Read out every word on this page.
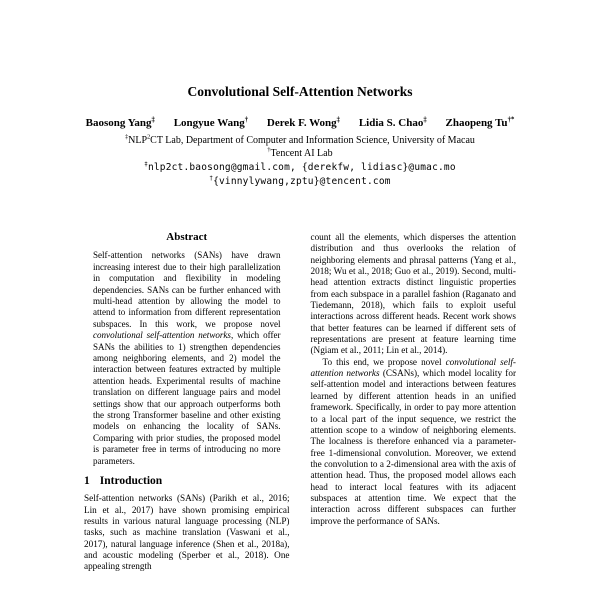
Convolutional Self-Attention Networks
Baosong Yang‡ Longyue Wang† Derek F. Wong‡ Lidia S. Chao‡ Zhaopeng Tu†*
‡NLP$^2$CT Lab, Department of Computer and Information Science, University of Macau
†Tencent AI Lab
‡nlp2ct.baosong@gmail.com, {derekfw, lidiasc}@umac.mo
†{vinnylywang,zptu}@tencent.com
Abstract

Self-attention networks (SANs) have drawn increasing interest due to their high parallelization in computation and flexibility in modeling dependencies. SANs can be further enhanced with multi-head attention by allowing the model to attend to information from different representation subspaces. In this work, we propose novel convolutional self-attention networks, which offer SANs the abilities to 1) strengthen dependencies among neighboring elements, and 2) model the interaction between features extracted by multiple attention heads. Experimental results of machine translation on different language pairs and model settings show that our approach outperforms both the strong Transformer baseline and other existing models on enhancing the locality of SANs. Comparing with prior studies, the proposed model is parameter free in terms of introducing no more parameters.

1 Introduction

Self-attention networks (SANs) (Parikh et al., 2016; Lin et al., 2017) have shown promising empirical results in various natural language processing (NLP) tasks, such as machine translation (Vaswani et al., 2017), natural language inference (Shen et al., 2018a), and acoustic modeling (Sperber et al., 2018). One appealing strength

count all the elements, which disperses the attention distribution and thus overlooks the relation of neighboring elements and phrasal patterns (Yang et al., 2018; Wu et al., 2018; Guo et al., 2019). Second, multi-head attention extracts distinct linguistic properties from each subspace in a parallel fashion (Raganato and Tiedemann, 2018), which fails to exploit useful interactions across different heads. Recent work shows that better features can be learned if different sets of representations are present at feature learning time (Ngiam et al., 2011; Lin et al., 2014).

To this end, we propose novel convolutional self-attention networks (CSANs), which model locality for self-attention model and interactions between features learned by different attention heads in an unified framework. Specifically, in order to pay more attention to a local part of the input sequence, we restrict the attention scope to a window of neighboring elements. The localness is therefore enhanced via a parameter-free 1-dimensional convolution. Moreover, we extend the convolution to a 2-dimensional area with the axis of attention head. Thus, the proposed model allows each head to interact local features with its adjacent subspaces at attention time. We expect that the interaction across different subspaces can further improve the performance of SANs.
